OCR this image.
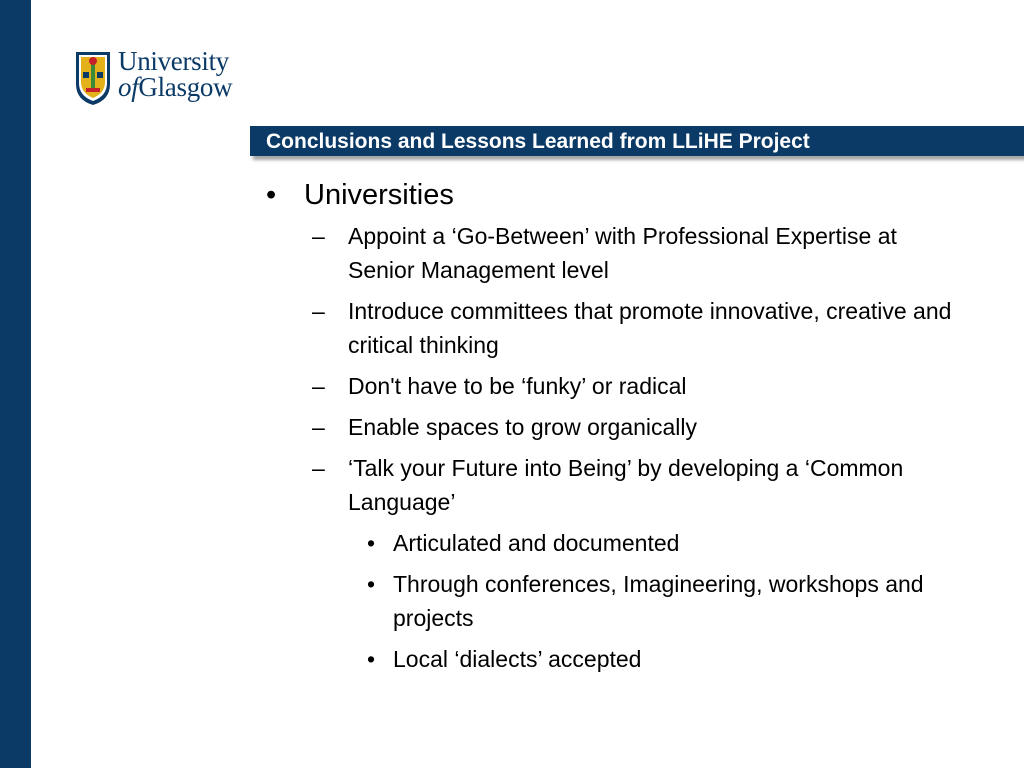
University
ofGlasgow
Conclusions and Lessons Learned from LLiHE Project
• Universities
– Appoint a ‘Go-Between’ with Professional Expertise at Senior Management level
– Introduce committees that promote innovative, creative and critical thinking
– Don't have to be ‘funky’ or radical
– Enable spaces to grow organically
– ‘Talk your Future into Being’ by developing a ‘Common Language’
• Articulated and documented
• Through conferences, Imagineering, workshops and projects
• Local ‘dialects’ accepted
